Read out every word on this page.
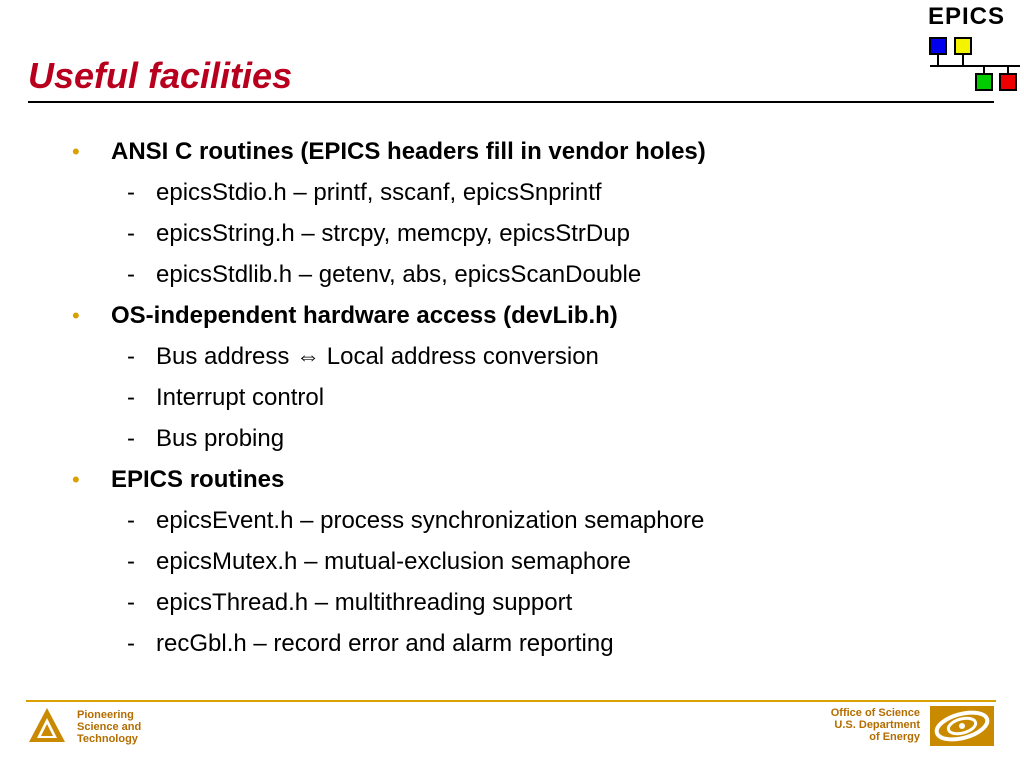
Useful facilities
EPICS
• ANSI C routines (EPICS headers fill in vendor holes)
- epicsStdio.h – printf, sscanf, epicsSnprintf
- epicsString.h – strcpy, memcpy, epicsStrDup
- epicsStdlib.h – getenv, abs, epicsScanDouble
• OS-independent hardware access (devLib.h)
- Bus address ⇔ Local address conversion
- Interrupt control
- Bus probing
• EPICS routines
- epicsEvent.h – process synchronization semaphore
- epicsMutex.h – mutual-exclusion semaphore
- epicsThread.h – multithreading support
- recGbl.h – record error and alarm reporting
Pioneering
Science and
Technology
Office of Science
U.S. Department
of Energy
